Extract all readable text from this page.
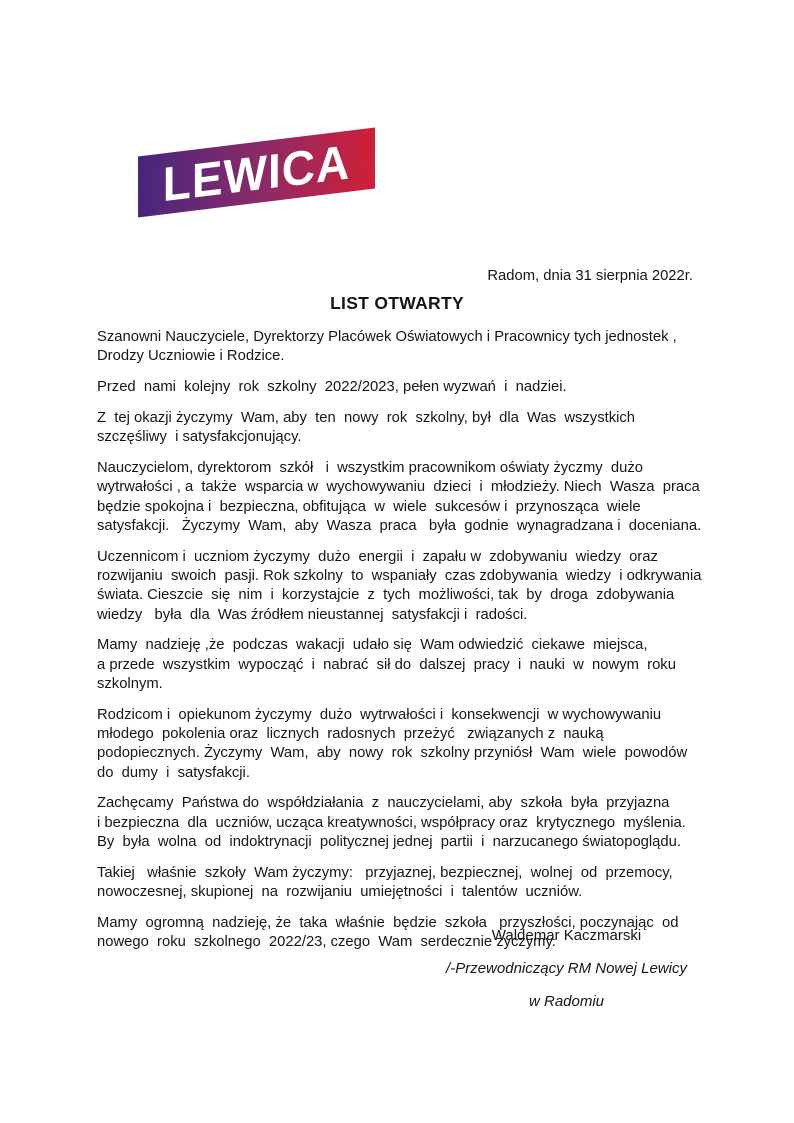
LEWICA
Radom, dnia 31 sierpnia 2022r.
LIST OTWARTY
Szanowni Nauczyciele, Dyrektorzy Placówek Oświatowych i Pracownicy tych jednostek ,
Drodzy Uczniowie i Rodzice.
Przed  nami  kolejny  rok  szkolny  2022/2023, pełen wyzwań  i  nadziei.
Z  tej okazji życzymy  Wam, aby  ten  nowy  rok  szkolny, był  dla  Was  wszystkich
szczęśliwy  i satysfakcjonujący.
Nauczycielom, dyrektorom  szkół   i  wszystkim pracownikom oświaty życzmy  dużo
wytrwałości , a  także  wsparcia w  wychowywaniu  dzieci  i  młodzieży. Niech  Wasza  praca
będzie spokojna i  bezpieczna, obfitująca  w  wiele  sukcesów i  przynosząca  wiele
satysfakcji.   Życzymy  Wam,  aby  Wasza  praca   była  godnie  wynagradzana i  doceniana.
Uczennicom i  uczniom życzymy  dużo  energii  i  zapału w  zdobywaniu  wiedzy  oraz
rozwijaniu  swoich  pasji. Rok szkolny  to  wspaniały  czas zdobywania  wiedzy  i odkrywania
świata. Cieszcie  się  nim  i  korzystajcie  z  tych  możliwości, tak  by  droga  zdobywania
wiedzy   była  dla  Was źródłem nieustannej  satysfakcji i  radości.
Mamy  nadzieję ,że  podczas  wakacji  udało się  Wam odwiedzić  ciekawe  miejsca,
a przede  wszystkim  wypocząć  i  nabrać  sił do  dalszej  pracy  i  nauki  w  nowym  roku
szkolnym.
Rodzicom i  opiekunom życzymy  dużo  wytrwałości i  konsekwencji  w wychowywaniu
młodego  pokolenia oraz  licznych  radosnych  przeżyć   związanych z  nauką
podopiecznych. Życzymy  Wam,  aby  nowy  rok  szkolny przyniósł  Wam  wiele  powodów
do  dumy  i  satysfakcji.
Zachęcamy  Państwa do  współdziałania  z  nauczycielami, aby  szkoła  była  przyjazna
i bezpieczna  dla  uczniów, ucząca kreatywności, współpracy oraz  krytycznego  myślenia.
By  była  wolna  od  indoktrynacji  politycznej jednej  partii  i  narzucanego światopoglądu.
Takiej   właśnie  szkoły  Wam życzymy:   przyjaznej, bezpiecznej,  wolnej  od  przemocy,
nowoczesnej, skupionej  na  rozwijaniu  umiejętności  i  talentów  uczniów.
Mamy  ogromną  nadzieję, że  taka  właśnie  będzie  szkoła   przyszłości, poczynając  od
nowego  roku  szkolnego  2022/23, czego  Wam  serdecznie życzymy.
Waldemar Kaczmarski
/-Przewodniczący RM Nowej Lewicy
w Radomiu
